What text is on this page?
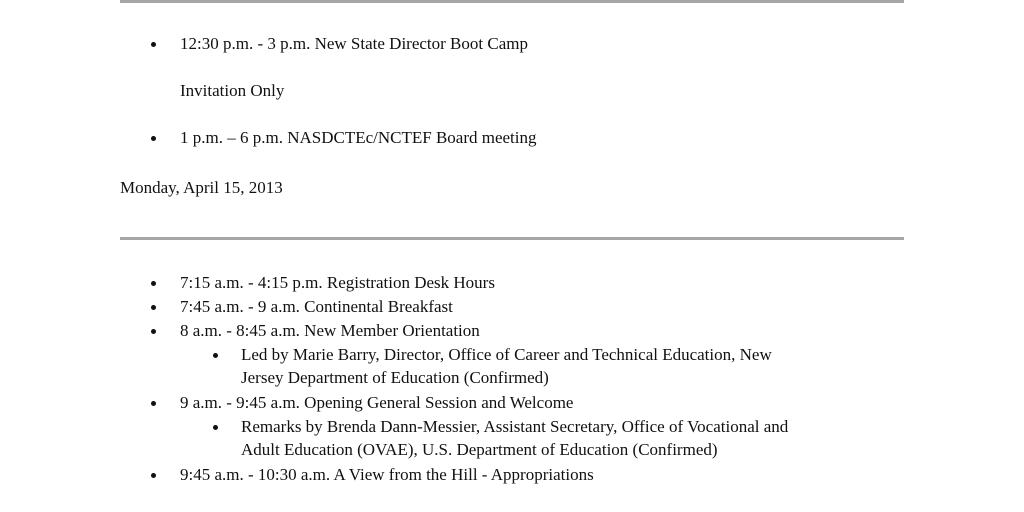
12:30 p.m. - 3 p.m. New State Director Boot Camp
Invitation Only
1 p.m. – 6 p.m. NASDCTEc/NCTEF Board meeting
Monday, April 15, 2013
7:15 a.m. - 4:15 p.m. Registration Desk Hours
7:45 a.m. - 9 a.m. Continental Breakfast
8 a.m. - 8:45 a.m. New Member Orientation
Led by Marie Barry, Director, Office of Career and Technical Education, New
Jersey Department of Education (Confirmed)
9 a.m. - 9:45 a.m. Opening General Session and Welcome
Remarks by Brenda Dann-Messier, Assistant Secretary, Office of Vocational and
Adult Education (OVAE), U.S. Department of Education (Confirmed)
9:45 a.m. - 10:30 a.m. A View from the Hill - Appropriations
